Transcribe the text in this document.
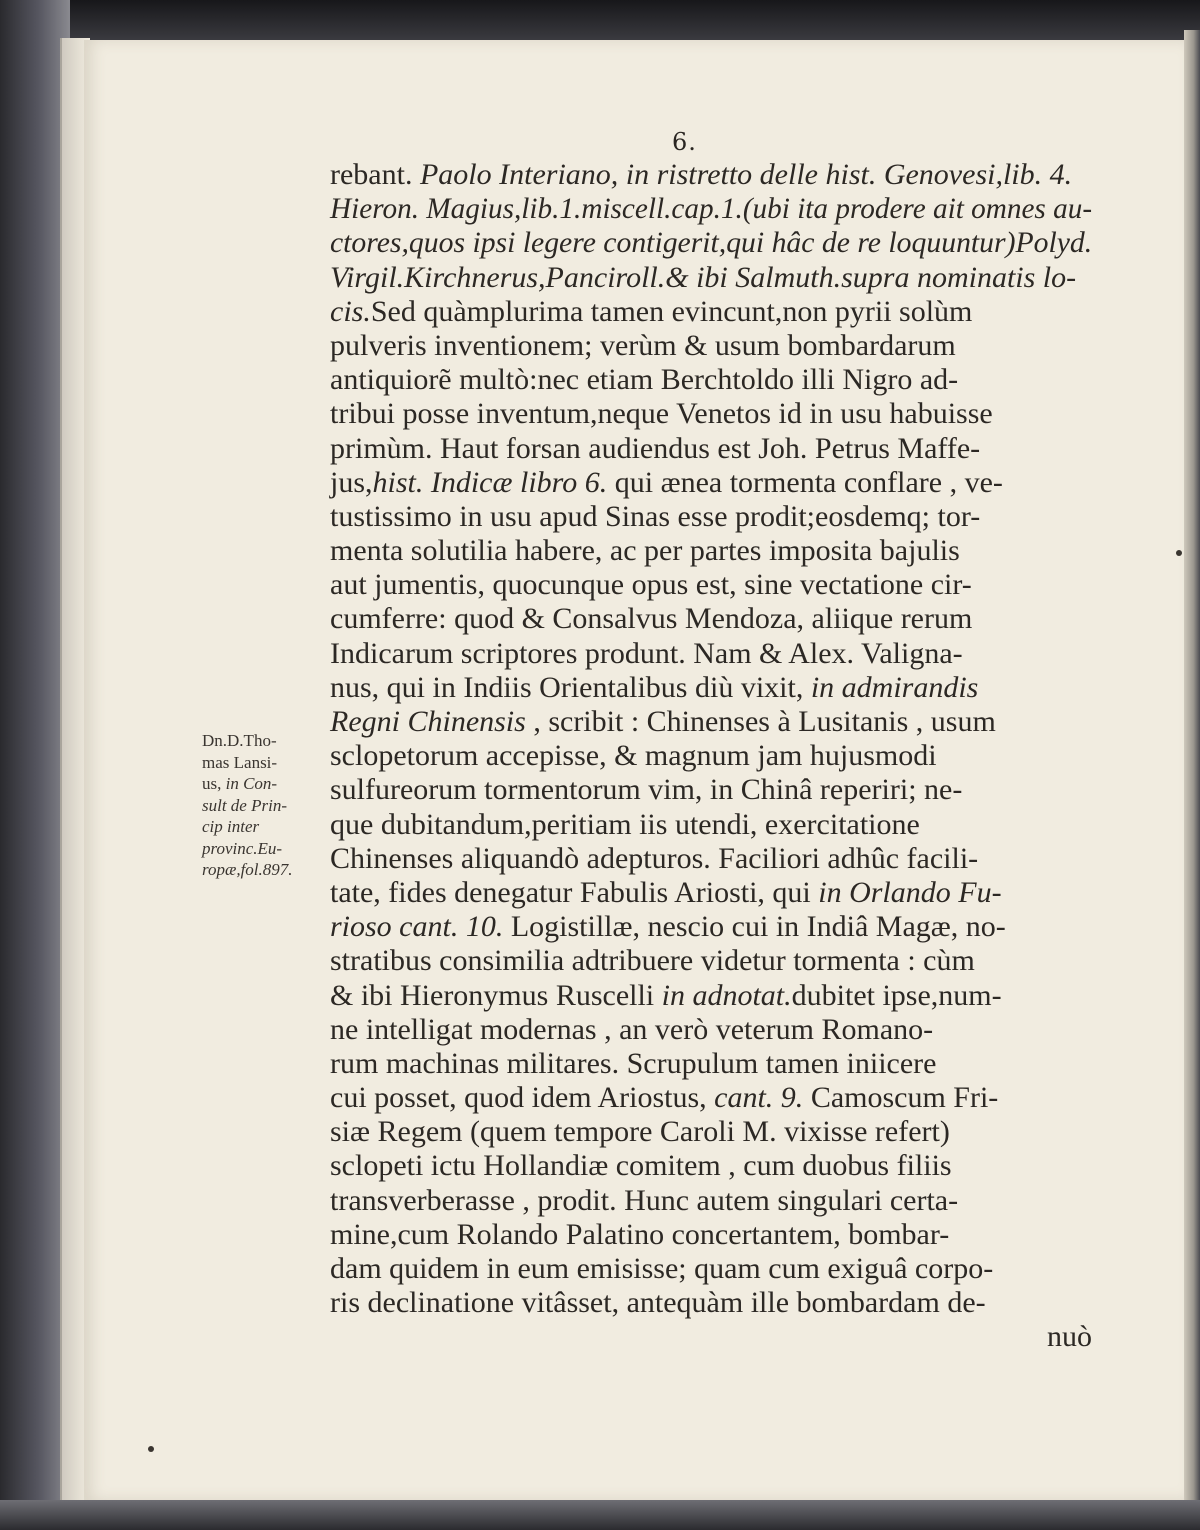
6.
Dn.D.Tho-
mas Lansi-
us, in Con-
sult de Prin-
cip inter
provinc.Eu-
ropæ,fol.897.
rebant. Paolo Interiano, in ristretto delle hist. Genovesi,lib. 4.
Hieron. Magius,lib.1.miscell.cap.1.(ubi ita prodere ait omnes au-
ctores,quos ipsi legere contigerit,qui hâc de re loquuntur)Polyd.
Virgil.Kirchnerus,Panciroll.& ibi Salmuth.supra nominatis lo-
cis.Sed quàmplurima tamen evincunt,non pyrii solùm
pulveris inventionem; verùm & usum bombardarum
antiquiorẽ multò:nec etiam Berchtoldo illi Nigro ad-
tribui posse inventum,neque Venetos id in usu habuisse
primùm. Haut forsan audiendus est Joh. Petrus Maffe-
jus,hist. Indicæ libro 6. qui ænea tormenta conflare , ve-
tustissimo in usu apud Sinas esse prodit;eosdemq; tor-
menta solutilia habere, ac per partes imposita bajulis
aut jumentis, quocunque opus est, sine vectatione cir-
cumferre: quod & Consalvus Mendoza, aliique rerum
Indicarum scriptores produnt. Nam & Alex. Valigna-
nus, qui in Indiis Orientalibus diù vixit, in admirandis
Regni Chinensis , scribit : Chinenses à Lusitanis , usum
sclopetorum accepisse, & magnum jam hujusmodi
sulfureorum tormentorum vim, in Chinâ reperiri; ne-
que dubitandum,peritiam iis utendi, exercitatione
Chinenses aliquandò adepturos. Faciliori adhûc facili-
tate, fides denegatur Fabulis Ariosti, qui in Orlando Fu-
rioso cant. 10. Logistillæ, nescio cui in Indiâ Magæ, no-
stratibus consimilia adtribuere videtur tormenta : cùm
& ibi Hieronymus Ruscelli in adnotat.dubitet ipse,num-
ne intelligat modernas , an verò veterum Romano-
rum machinas militares. Scrupulum tamen iniicere
cui posset, quod idem Ariostus, cant. 9. Camoscum Fri-
siæ Regem (quem tempore Caroli M. vixisse refert)
sclopeti ictu Hollandiæ comitem , cum duobus filiis
transverberasse , prodit. Hunc autem singulari certa-
mine,cum Rolando Palatino concertantem, bombar-
dam quidem in eum emisisse; quam cum exiguâ corpo-
ris declinatione vitâsset, antequàm ille bombardam de-
nuò
